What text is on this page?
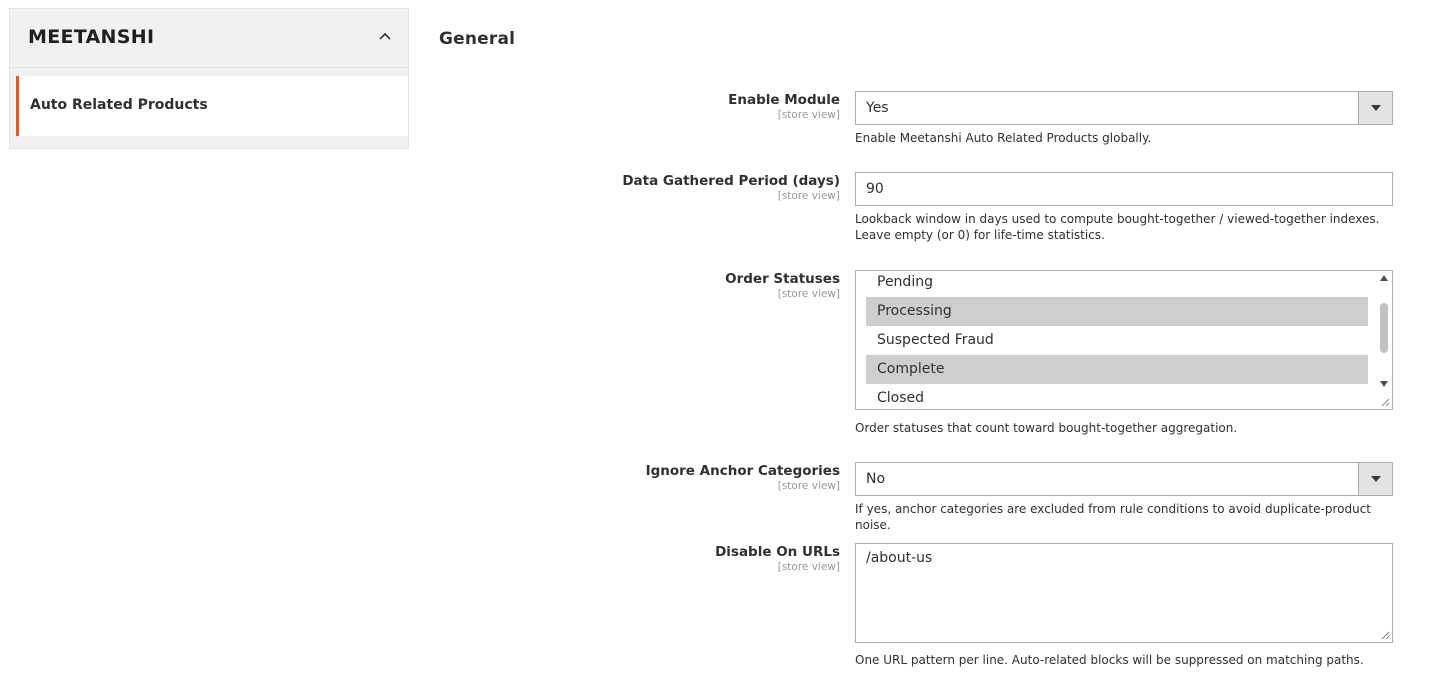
MEETANSHI
Auto Related Products
General
Enable Module
[store view] Yes
Enable Meetanshi Auto Related Products globally.
Data Gathered Period (days)
[store view] 90
Lookback window in days used to compute bought-together / viewed-together indexes. Leave empty (or 0) for life-time statistics.
Order Statuses
[store view]
Pending
Processing
Suspected Fraud
Complete
Closed
Order statuses that count toward bought-together aggregation.
Ignore Anchor Categories
[store view] No
If yes, anchor categories are excluded from rule conditions to avoid duplicate-product noise.
Disable On URLs
[store view]
/about-us
One URL pattern per line. Auto-related blocks will be suppressed on matching paths.
